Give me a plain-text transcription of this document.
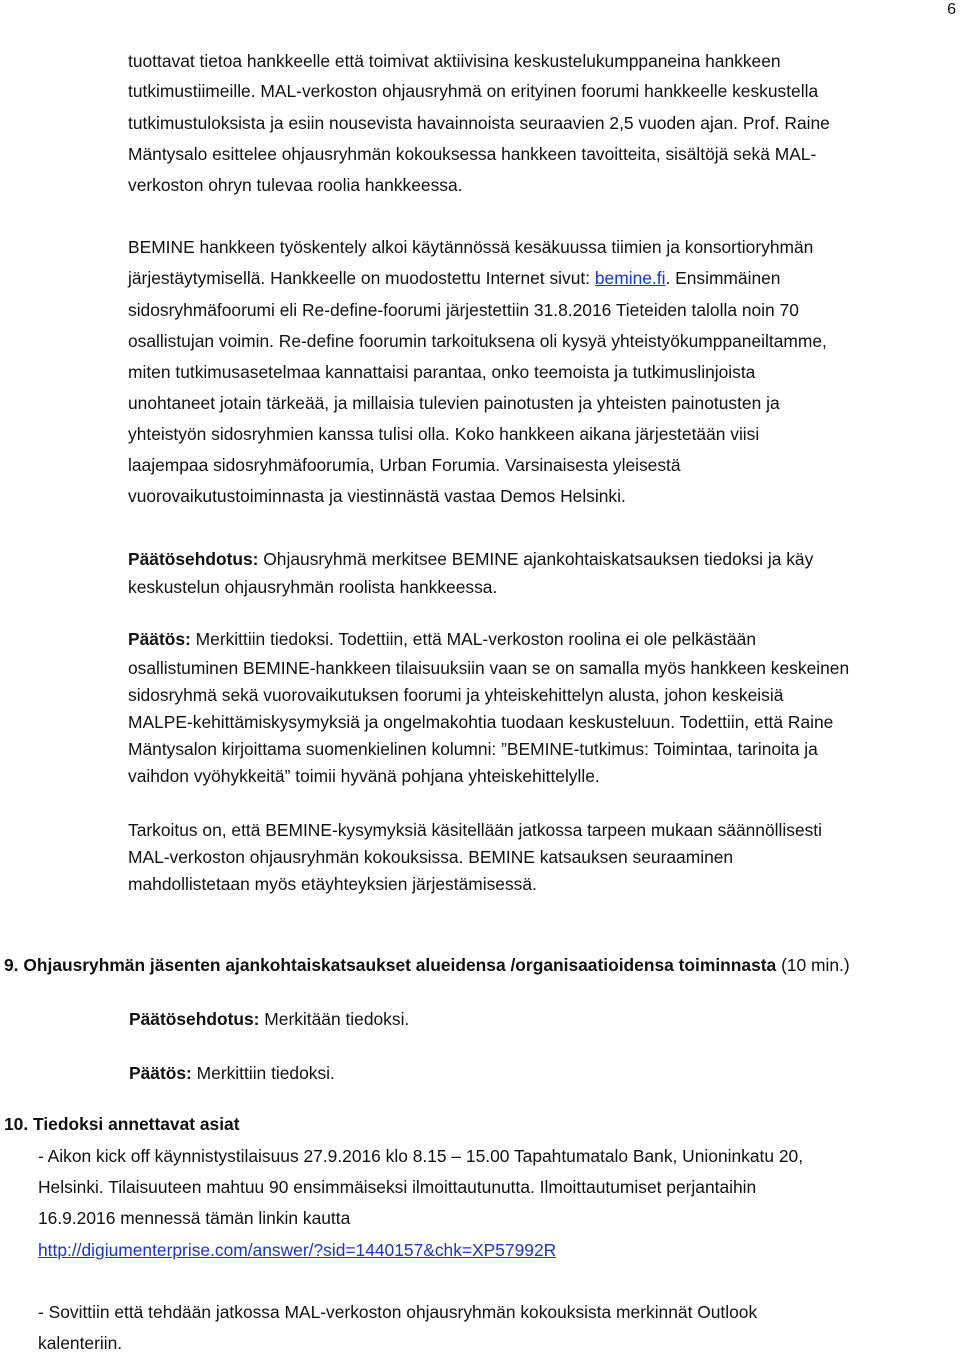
6
tuottavat tietoa hankkeelle että toimivat aktiivisina keskustelukumppaneina hankkeen
tutkimustiimeille. MAL-verkoston ohjausryhmä on erityinen foorumi hankkeelle keskustella
tutkimustuloksista ja esiin nousevista havainnoista seuraavien 2,5 vuoden ajan. Prof. Raine
Mäntysalo esittelee ohjausryhmän kokouksessa hankkeen tavoitteita, sisältöjä sekä MAL-
verkoston ohryn tulevaa roolia hankkeessa.
BEMINE hankkeen työskentely alkoi käytännössä kesäkuussa tiimien ja konsortioryhmän
järjestäytymisellä. Hankkeelle on muodostettu Internet sivut: bemine.fi. Ensimmäinen
sidosryhmäfoorumi eli Re-define-foorumi järjestettiin 31.8.2016 Tieteiden talolla noin 70
osallistujan voimin. Re-define foorumin tarkoituksena oli kysyä yhteistyökumppaneiltamme,
miten tutkimusasetelmaa kannattaisi parantaa, onko teemoista ja tutkimuslinjoista
unohtaneet jotain tärkeää, ja millaisia tulevien painotusten ja yhteisten painotusten ja
yhteistyön sidosryhmien kanssa tulisi olla. Koko hankkeen aikana järjestetään viisi
laajempaa sidosryhmäfoorumia, Urban Forumia. Varsinaisesta yleisestä
vuorovaikutustoiminnasta ja viestinnästä vastaa Demos Helsinki.
Päätösehdotus: Ohjausryhmä merkitsee BEMINE ajankohtaiskatsauksen tiedoksi ja käy
keskustelun ohjausryhmän roolista hankkeessa.
Päätös: Merkittiin tiedoksi. Todettiin, että MAL-verkoston roolina ei ole pelkästään
osallistuminen BEMINE-hankkeen tilaisuuksiin vaan se on samalla myös hankkeen keskeinen
sidosryhmä sekä vuorovaikutuksen foorumi ja yhteiskehittelyn alusta, johon keskeisiä
MALPE-kehittämiskysymyksiä ja ongelmakohtia tuodaan keskusteluun. Todettiin, että Raine
Mäntysalon kirjoittama suomenkielinen kolumni: ”BEMINE-tutkimus: Toimintaa, tarinoita ja
vaihdon vyöhykkeitä” toimii hyvänä pohjana yhteiskehittelylle.
Tarkoitus on, että BEMINE-kysymyksiä käsitellään jatkossa tarpeen mukaan säännöllisesti
MAL-verkoston ohjausryhmän kokouksissa. BEMINE katsauksen seuraaminen
mahdollistetaan myös etäyhteyksien järjestämisessä.
9. Ohjausryhmän jäsenten ajankohtaiskatsaukset alueidensa /organisaatioidensa toiminnasta (10 min.)
Päätösehdotus: Merkitään tiedoksi.
Päätös: Merkittiin tiedoksi.
10. Tiedoksi annettavat asiat
- Aikon kick off käynnistystilaisuus 27.9.2016 klo 8.15 – 15.00 Tapahtumatalo Bank, Unioninkatu 20,
Helsinki. Tilaisuuteen mahtuu 90 ensimmäiseksi ilmoittautunutta. Ilmoittautumiset perjantaihin
16.9.2016 mennessä tämän linkin kautta
http://digiumenterprise.com/answer/?sid=1440157&chk=XP57992R
- Sovittiin että tehdään jatkossa MAL-verkoston ohjausryhmän kokouksista merkinnät Outlook
kalenteriin.
